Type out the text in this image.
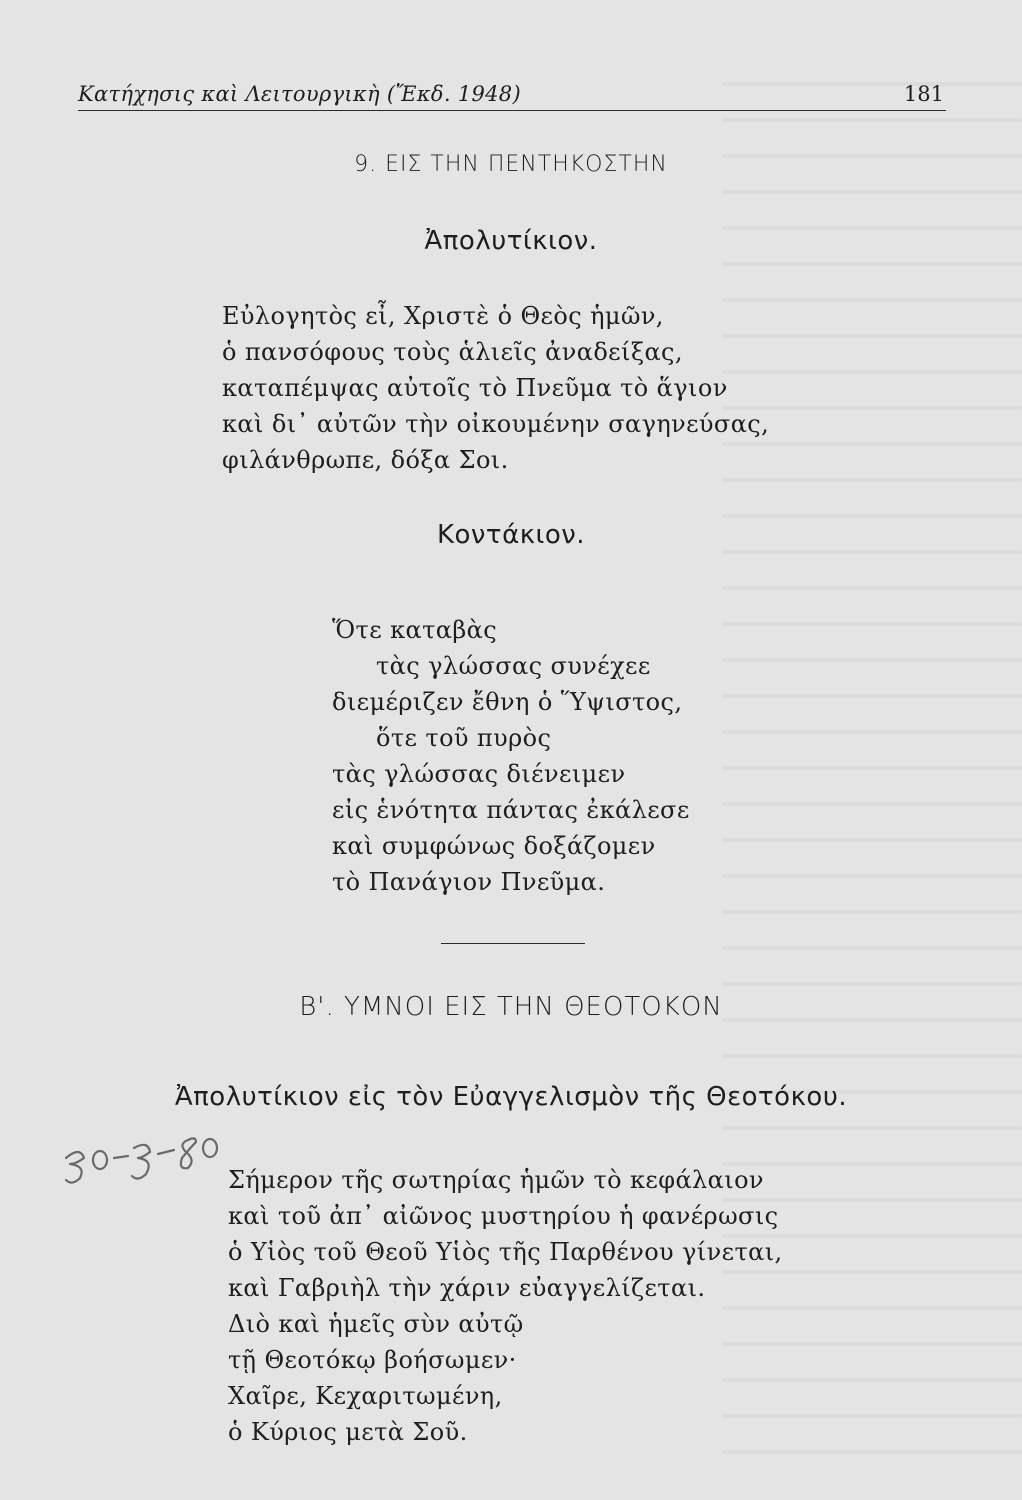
Κατήχησις καὶ Λειτουργικὴ (Ἔκδ. 1948)	181
9. ΕΙΣ ΤΗΝ ΠΕΝΤΗΚΟΣΤΗΝ
Ἀπολυτίκιον.
Εὐλογητὸς εἶ, Χριστὲ ὁ Θεὸς ἡμῶν,
ὁ πανσόφους τοὺς ἁλιεῖς ἀναδείξας,
καταπέμψας αὐτοῖς τὸ Πνεῦμα τὸ ἅγιον
καὶ δι᾿ αὐτῶν τὴν οἰκουμένην σαγηνεύσας,
φιλάνθρωπε, δόξα Σοι.
Κοντάκιον.
Ὅτε καταβὰς
τὰς γλώσσας συνέχεε
διεμέριζεν ἔθνη ὁ Ὕψιστος,
ὅτε τοῦ πυρὸς
τὰς γλώσσας διένειμεν
εἰς ἑνότητα πάντας ἐκάλεσε
καὶ συμφώνως δοξάζομεν
τὸ Πανάγιον Πνεῦμα.
Β'. ΥΜΝΟΙ ΕΙΣ ΤΗΝ ΘΕΟΤΟΚΟΝ
Ἀπολυτίκιον εἰς τὸν Εὐαγγελισμὸν τῆς Θεοτόκου.
Σήμερον τῆς σωτηρίας ἡμῶν τὸ κεφάλαιον
καὶ τοῦ ἀπ᾿ αἰῶνος μυστηρίου ἡ φανέρωσις
ὁ Υἱὸς τοῦ Θεοῦ Υἱὸς τῆς Παρθένου γίνεται,
καὶ Γαβριὴλ τὴν χάριν εὐαγγελίζεται.
Διὸ καὶ ἡμεῖς σὺν αὐτῷ
τῇ Θεοτόκῳ βοήσωμεν·
Χαῖρε, Κεχαριτωμένη,
ὁ Κύριος μετὰ Σοῦ.
